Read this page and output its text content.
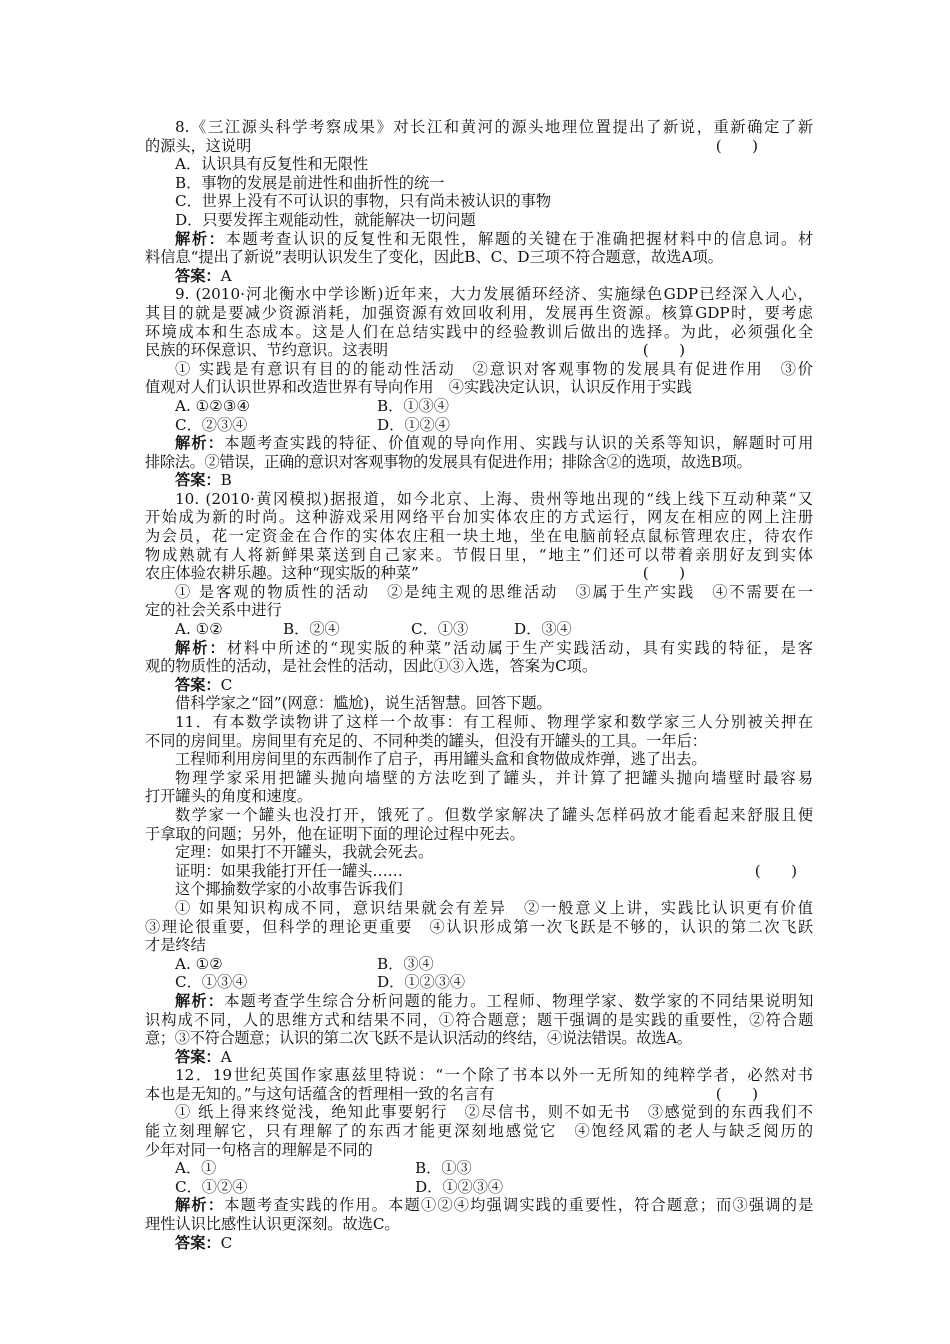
8.《三江源头科学考察成果》对长江和黄河的源头地理位置提出了新说，重新确定了新
的源头，这说明	(　　)
A．认识具有反复性和无限性
B．事物的发展是前进性和曲折性的统一
C．世界上没有不可认识的事物，只有尚未被认识的事物
D．只要发挥主观能动性，就能解决一切问题
解析：本题考查认识的反复性和无限性，解题的关键在于准确把握材料中的信息词。材
料信息“提出了新说”表明认识发生了变化，因此B、C、D三项不符合题意，故选A项。
答案：A
9. (2010·河北衡水中学诊断)近年来，大力发展循环经济、实施绿色GDP已经深入人心，
其目的就是要减少资源消耗，加强资源有效回收利用，发展再生资源。核算GDP时，要考虑
环境成本和生态成本。这是人们在总结实践中的经验教训后做出的选择。为此，必须强化全
民族的环保意识、节约意识。这表明	(　　)
① 实践是有意识有目的的能动性活动　②意识对客观事物的发展具有促进作用　③价
值观对人们认识世界和改造世界有导向作用　④实践决定认识，认识反作用于实践
A. ①②③④	B．①③④
C．②③④	D．①②④
解析：本题考查实践的特征、价值观的导向作用、实践与认识的关系等知识，解题时可用
排除法。②错误，正确的意识对客观事物的发展具有促进作用；排除含②的选项，故选B项。
答案：B
10. (2010·黄冈模拟)据报道，如今北京、上海、贵州等地出现的“线上线下互动种菜“又
开始成为新的时尚。这种游戏采用网络平台加实体农庄的方式运行，网友在相应的网上注册
为会员，花一定资金在合作的实体农庄租一块土地，坐在电脑前轻点鼠标管理农庄，待农作
物成熟就有人将新鲜果菜送到自己家来。节假日里，“地主”们还可以带着亲朋好友到实体
农庄体验农耕乐趣。这种“现实版的种菜”	(　　)
① 是客观的物质性的活动　②是纯主观的思维活动　③属于生产实践　④不需要在一
定的社会关系中进行
A. ①②	B．②④	C．①③	D．③④
解析：材料中所述的“现实版的种菜”活动属于生产实践活动，具有实践的特征，是客
观的物质性的活动，是社会性的活动，因此①③入选，答案为C项。
答案：C
借科学家之“囧”(网意：尴尬)，说生活智慧。回答下题。
11．有本数学读物讲了这样一个故事：有工程师、物理学家和数学家三人分别被关押在
不同的房间里。房间里有充足的、不同种类的罐头，但没有开罐头的工具。一年后：
工程师利用房间里的东西制作了启子，再用罐头盒和食物做成炸弹，逃了出去。
物理学家采用把罐头抛向墙壁的方法吃到了罐头，并计算了把罐头抛向墙壁时最容易
打开罐头的角度和速度。
数学家一个罐头也没打开，饿死了。但数学家解决了罐头怎样码放才能看起来舒服且便
于拿取的问题；另外，他在证明下面的理论过程中死去。
定理：如果打不开罐头，我就会死去。
证明：如果我能打开任一罐头……	(　　)
这个揶揄数学家的小故事告诉我们
① 如果知识构成不同，意识结果就会有差异　②一般意义上讲，实践比认识更有价值
③理论很重要，但科学的理论更重要　④认识形成第一次飞跃是不够的，认识的第二次飞跃
才是终结
A. ①②	B．③④
C．①③④	D．①②③④
解析：本题考查学生综合分析问题的能力。工程师、物理学家、数学家的不同结果说明知
识构成不同，人的思维方式和结果不同，①符合题意；题干强调的是实践的重要性，②符合题
意；③不符合题意；认识的第二次飞跃不是认识活动的终结，④说法错误。故选A。
答案：A
12．19世纪英国作家惠兹里特说：“一个除了书本以外一无所知的纯粹学者，必然对书
本也是无知的。”与这句话蕴含的哲理相一致的名言有	(　　)
① 纸上得来终觉浅，绝知此事要躬行　②尽信书，则不如无书　③感觉到的东西我们不
能立刻理解它，只有理解了的东西才能更深刻地感觉它　④饱经风霜的老人与缺乏阅历的
少年对同一句格言的理解是不同的
A．①	B．①③
C．①②④	D．①②③④
解析：本题考查实践的作用。本题①②④均强调实践的重要性，符合题意；而③强调的是
理性认识比感性认识更深刻。故选C。
答案：C
